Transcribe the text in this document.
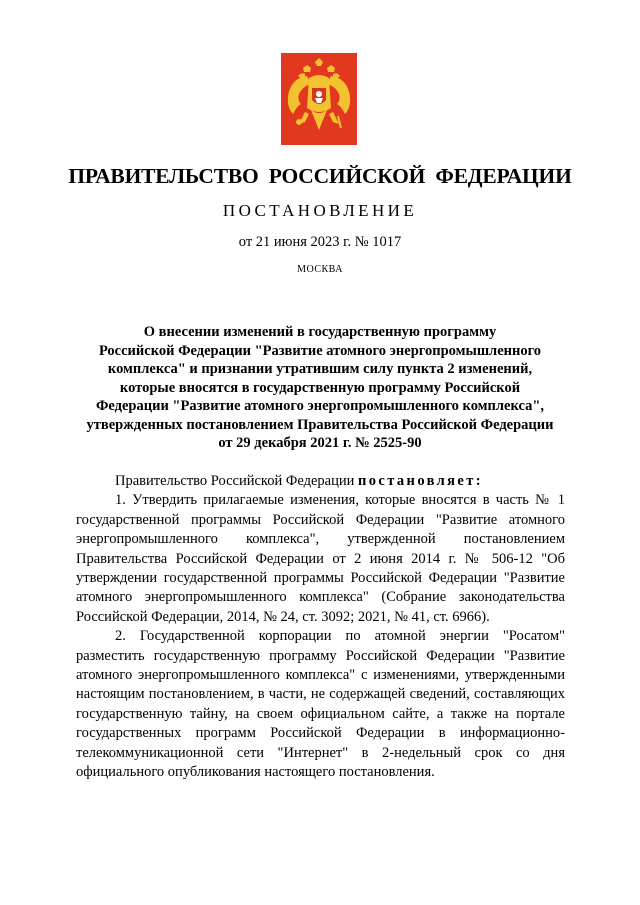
ПРАВИТЕЛЬСТВО РОССИЙСКОЙ ФЕДЕРАЦИИ
ПОСТАНОВЛЕНИЕ
от 21 июня 2023 г. № 1017
МОСКВА
О внесении изменений в государственную программу
Российской Федерации "Развитие атомного энергопромышленного
комплекса" и признании утратившим силу пункта 2 изменений,
которые вносятся в государственную программу Российской
Федерации "Развитие атомного энергопромышленного комплекса",
утвержденных постановлением Правительства Российской Федерации
от 29 декабря 2021 г. № 2525-90

Правительство Российской Федерации постановляет:

1. Утвердить прилагаемые изменения, которые вносятся в часть № 1 государственной программы Российской Федерации "Развитие атомного энергопромышленного комплекса", утвержденной постановлением Правительства Российской Федерации от 2 июня 2014 г. № 506-12 "Об утверждении государственной программы Российской Федерации "Развитие атомного энергопромышленного комплекса" (Собрание законодательства Российской Федерации, 2014, № 24, ст. 3092; 2021, № 41, ст. 6966).

2. Государственной корпорации по атомной энергии "Росатом" разместить государственную программу Российской Федерации "Развитие атомного энергопромышленного комплекса" с изменениями, утвержденными настоящим постановлением, в части, не содержащей сведений, составляющих государственную тайну, на своем официальном сайте, а также на портале государственных программ Российской Федерации в информационно-телекоммуникационной сети "Интернет" в 2-недельный срок со дня официального опубликования настоящего постановления.
